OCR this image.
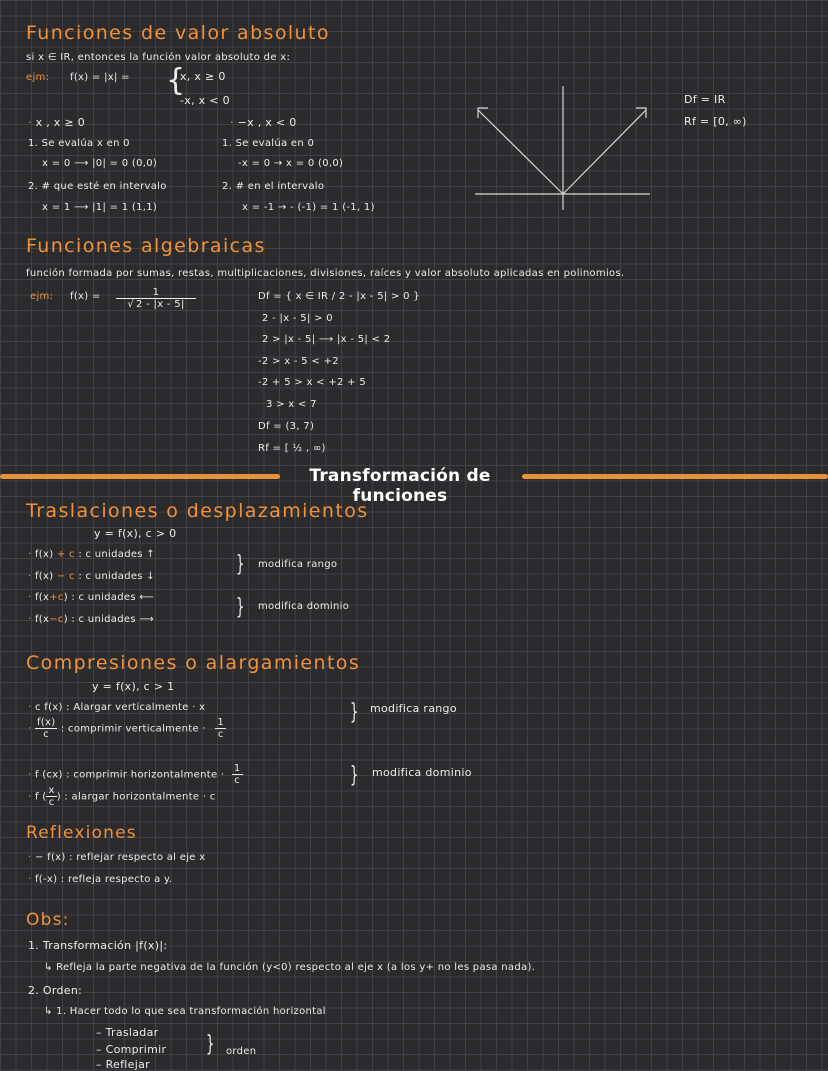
Funciones de valor absoluto
si x ∈ IR, entonces la función valor absoluto de x:
ejm: f(x) = |x| = {
x, x ≥ 0
-x, x < 0
· x , x ≥ 0
1. Se evalúa x en 0
x = 0 ⟶ |0| = 0 (0,0)
2. # que esté en intervalo
x = 1 ⟶ |1| = 1 (1,1)
· −x , x < 0
1. Se evalúa en 0
-x = 0 → x = 0 (0,0)
2. # en el intervalo
x = -1 → - (-1) = 1 (-1, 1)
Df = IR
Rf = [0, ∞)
Funciones algebraicas
función formada por sumas, restas, multiplicaciones, divisiones, raíces y valor absoluto aplicadas en polinomios.
ejm: $f(x) = \frac{1}{√ 2 - |x - 5|}$	Df = { x ∈ IR / 2 - |x - 5| > 0 }
2 - |x - 5| > 0
2 > |x - 5| ⟶ |x - 5| < 2
-2 > x - 5 < +2
-2 + 5 > x < +2 + 5
3 > x < 7
Df = (3, 7)
Rf = [ ½ , ∞)
Transformación de funciones
Traslaciones o desplazamientos
y = f(x), c > 0
· f(x) + c : c unidades ↑
· f(x) − c : c unidades ↓
· f(x+c) : c unidades ⟵
· f(x−c) : c unidades ⟶
} modifica rango
} modifica dominio
Compresiones o alargamientos
y = f(x), c > 1
· c f(x) : Alargar verticalmente · x
· $\frac{f(x)}{c}$ : comprimir verticalmente · $\frac{1}{c}$
} modifica rango
· f (cx) : comprimir horizontalmente · $\frac{1}{c}$
· f ( $\frac{x}{c}$ ) : alargar horizontalmente · c
} modifica dominio
Reflexiones
· − f(x) : reflejar respecto al eje x
· f(-x) : refleja respecto a y.
Obs:
1. Transformación |f(x)|:
↳ Refleja la parte negativa de la función (y<0) respecto al eje x (a los y+ no les pasa nada).
2. Orden:
↳ 1. Hacer todo lo que sea transformación horizontal
– Trasladar
– Comprimir
– Reflejar
} orden
